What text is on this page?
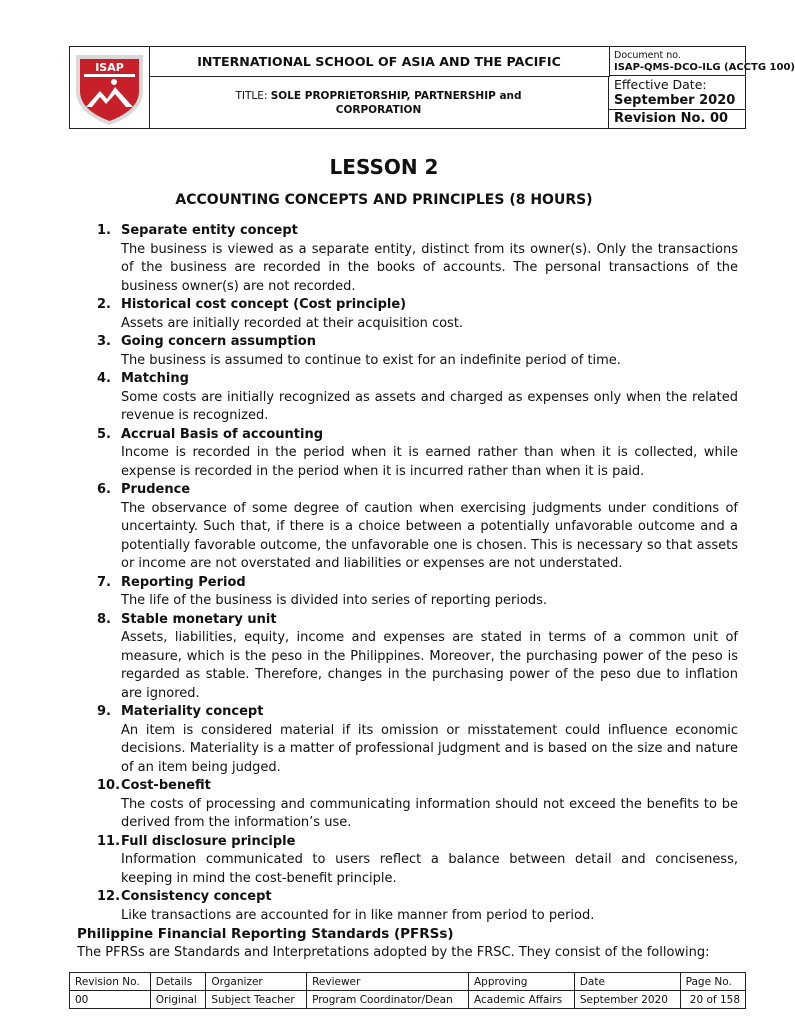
ISAP	INTERNATIONAL SCHOOL OF ASIA AND THE PACIFIC
TITLE: SOLE PROPRIETORSHIP, PARTNERSHIP and
CORPORATION
Document no.
ISAP-QMS-DCO-ILG (ACCTG 100)
Effective Date:
September 2020
Revision No. 00
LESSON 2
ACCOUNTING CONCEPTS AND PRINCIPLES (8 HOURS)
1. Separate entity concept
The business is viewed as a separate entity, distinct from its owner(s). Only the transactions of the business are recorded in the books of accounts. The personal transactions of the business owner(s) are not recorded.
2. Historical cost concept (Cost principle)
Assets are initially recorded at their acquisition cost.
3. Going concern assumption
The business is assumed to continue to exist for an indefinite period of time.
4. Matching
Some costs are initially recognized as assets and charged as expenses only when the related revenue is recognized.
5. Accrual Basis of accounting
Income is recorded in the period when it is earned rather than when it is collected, while expense is recorded in the period when it is incurred rather than when it is paid.
6. Prudence
The observance of some degree of caution when exercising judgments under conditions of uncertainty. Such that, if there is a choice between a potentially unfavorable outcome and a potentially favorable outcome, the unfavorable one is chosen. This is necessary so that assets or income are not overstated and liabilities or expenses are not understated.
7. Reporting Period
The life of the business is divided into series of reporting periods.
8. Stable monetary unit
Assets, liabilities, equity, income and expenses are stated in terms of a common unit of measure, which is the peso in the Philippines. Moreover, the purchasing power of the peso is regarded as stable. Therefore, changes in the purchasing power of the peso due to inflation are ignored.
9. Materiality concept
An item is considered material if its omission or misstatement could influence economic decisions. Materiality is a matter of professional judgment and is based on the size and nature of an item being judged.
10. Cost-benefit
The costs of processing and communicating information should not exceed the benefits to be derived from the information’s use.
11. Full disclosure principle
Information communicated to users reflect a balance between detail and conciseness, keeping in mind the cost-benefit principle.
12. Consistency concept
Like transactions are accounted for in like manner from period to period.
Philippine Financial Reporting Standards (PFRSs)
The PFRSs are Standards and Interpretations adopted by the FRSC. They consist of the following:
Revision No.	Details	Organizer	Reviewer	Approving	Date	Page No.
00	Original	Subject Teacher	Program Coordinator/Dean	Academic Affairs	September 2020	20 of 158
